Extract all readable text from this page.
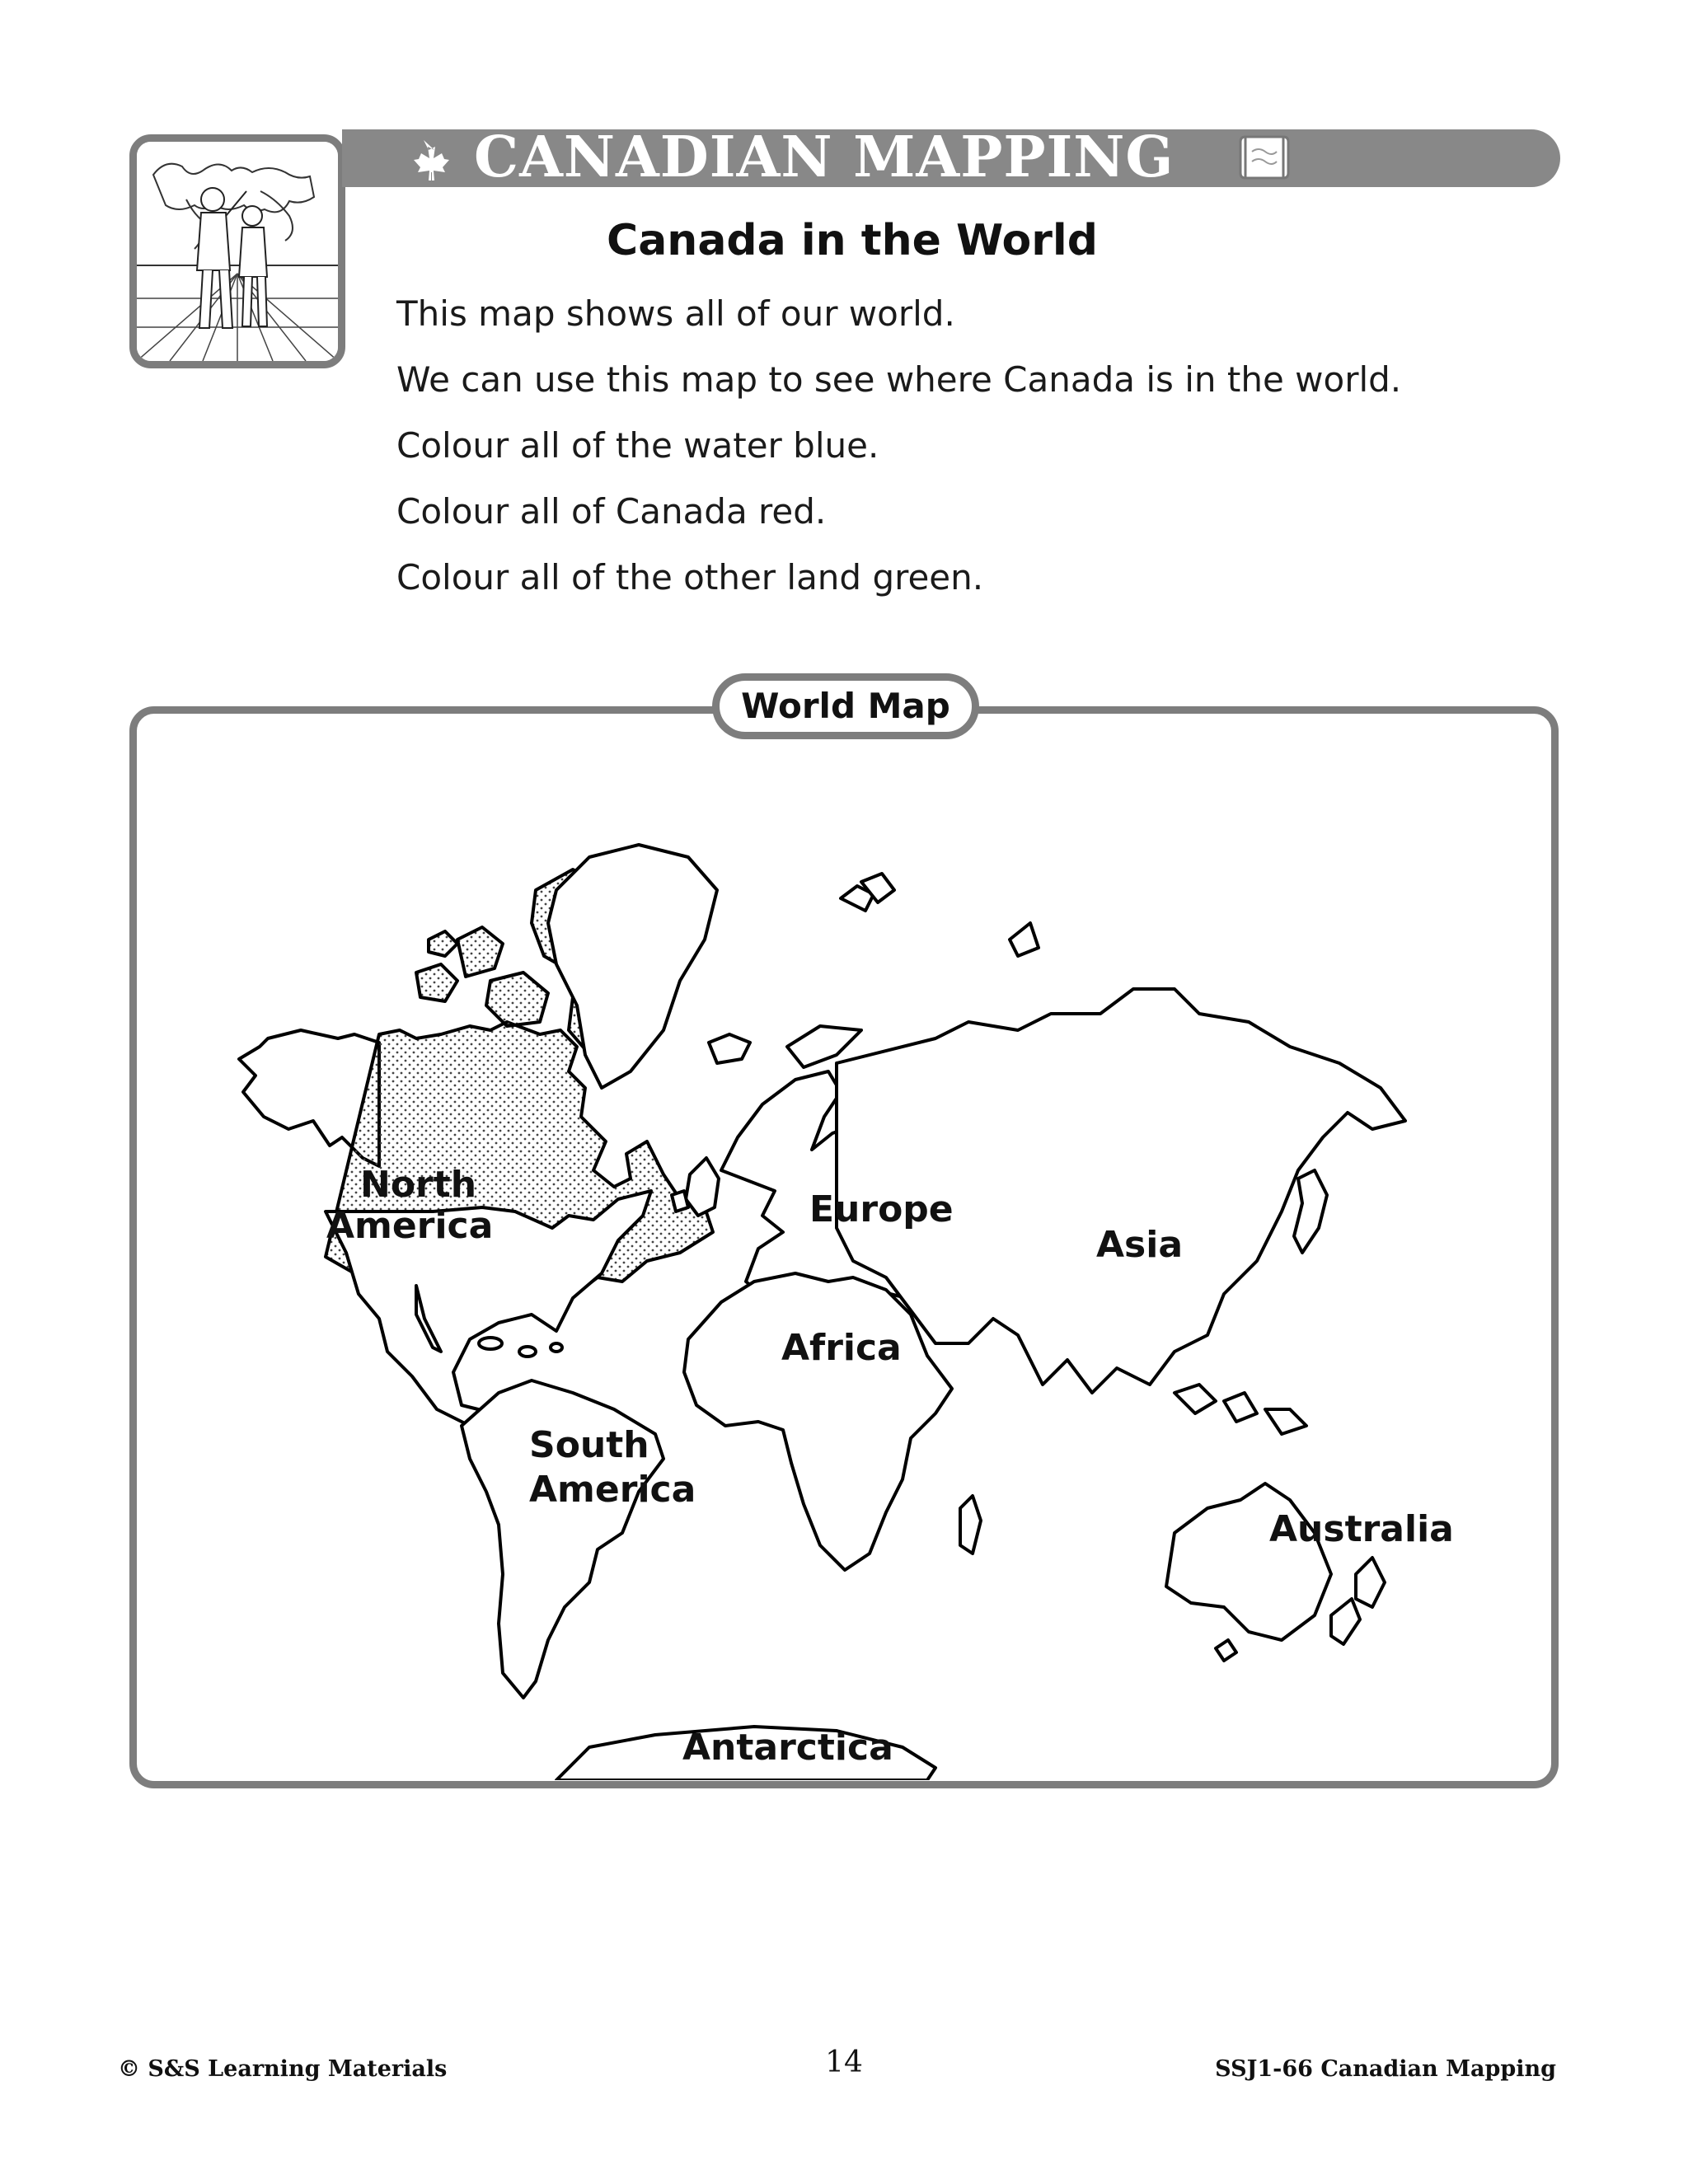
CANADIAN MAPPING
Canada in the World
This map shows all of our world.
We can use this map to see where Canada is in the world.
Colour all of the water blue.
Colour all of Canada red.
Colour all of the other land green.
World Map
North
America	Europe
Asia
Africa
South
America
Australia
Antarctica
© S&S Learning Materials	14	SSJ1-66 Canadian Mapping
